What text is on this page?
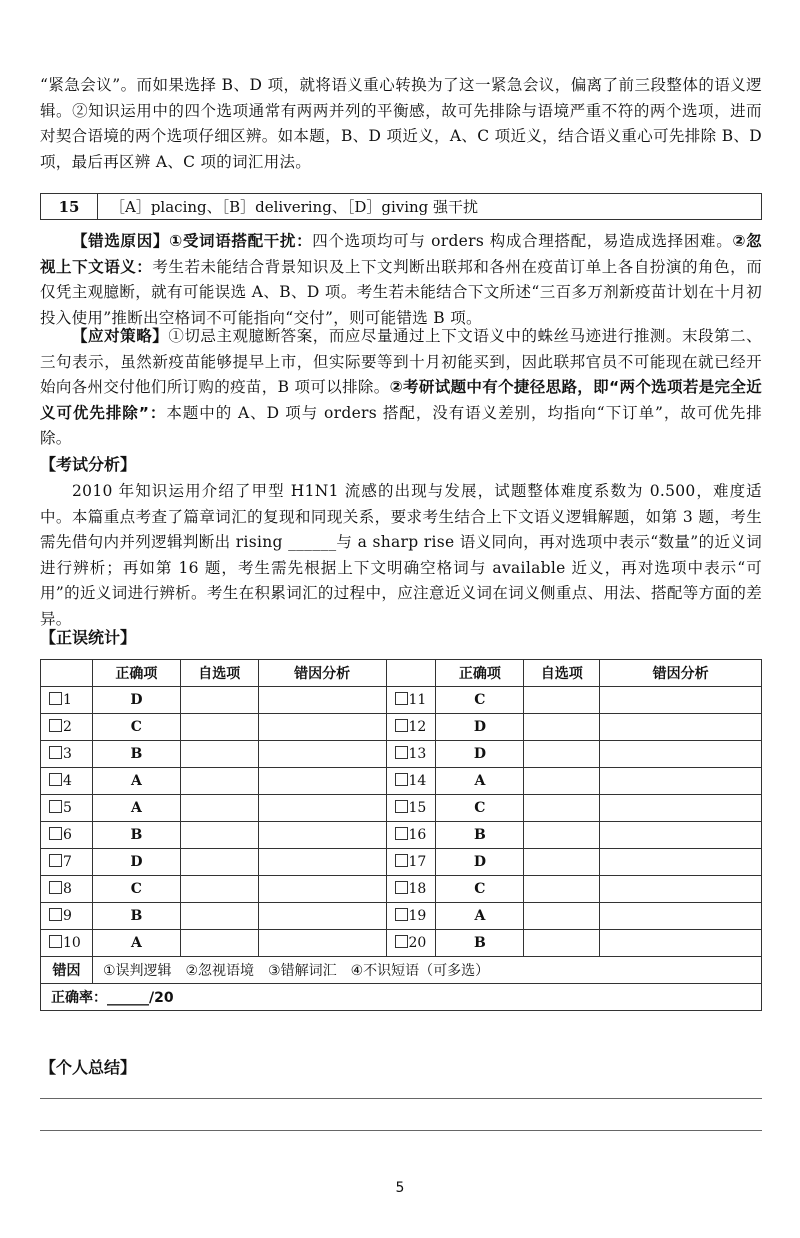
“紧急会议”。而如果选择 B、D 项，就将语义重心转换为了这一紧急会议，偏离了前三段整体的语义逻辑。②知识运用中的四个选项通常有两两并列的平衡感，故可先排除与语境严重不符的两个选项，进而对契合语境的两个选项仔细区辨。如本题，B、D 项近义，A、C 项近义，结合语义重心可先排除 B、D 项，最后再区辨 A、C 项的词汇用法。
15	［A］placing、［B］delivering、［D］giving 强干扰
【错选原因】①受词语搭配干扰：四个选项均可与 orders 构成合理搭配，易造成选择困难。②忽视上下文语义：考生若未能结合背景知识及上下文判断出联邦和各州在疫苗订单上各自扮演的角色，而仅凭主观臆断，就有可能误选 A、B、D 项。考生若未能结合下文所述“三百多万剂新疫苗计划在十月初投入使用”推断出空格词不可能指向“交付”，则可能错选 B 项。
【应对策略】①切忌主观臆断答案，而应尽量通过上下文语义中的蛛丝马迹进行推测。末段第二、三句表示，虽然新疫苗能够提早上市，但实际要等到十月初能买到，因此联邦官员不可能现在就已经开始向各州交付他们所订购的疫苗，B 项可以排除。②考研试题中有个捷径思路，即“两个选项若是完全近义可优先排除”：本题中的 A、D 项与 orders 搭配，没有语义差别，均指向“下订单”，故可优先排除。
【考试分析】
2010 年知识运用介绍了甲型 H1N1 流感的出现与发展，试题整体难度系数为 0.500，难度适中。本篇重点考查了篇章词汇的复现和同现关系，要求考生结合上下文语义逻辑解题，如第 3 题，考生需先借句内并列逻辑判断出 rising ______与 a sharp rise 语义同向，再对选项中表示“数量”的近义词进行辨析；再如第 16 题，考生需先根据上下文明确空格词与 available 近义，再对选项中表示“可用”的近义词进行辨析。考生在积累词汇的过程中，应注意近义词在词义侧重点、用法、搭配等方面的差异。
【正误统计】
	正确项	自选项	错因分析		正确项	自选项	错因分析
1	D			11	C		
2	C			12	D		
3	B			13	D		
4	A			14	A		
5	A			15	C		
6	B			16	B		
7	D			17	D		
8	C			18	C		
9	B			19	A		
10	A			20	B		
错因	①误判逻辑　②忽视语境　③错解词汇　④不识短语（可多选）						
正确率：______/20							
【个人总结】
5
